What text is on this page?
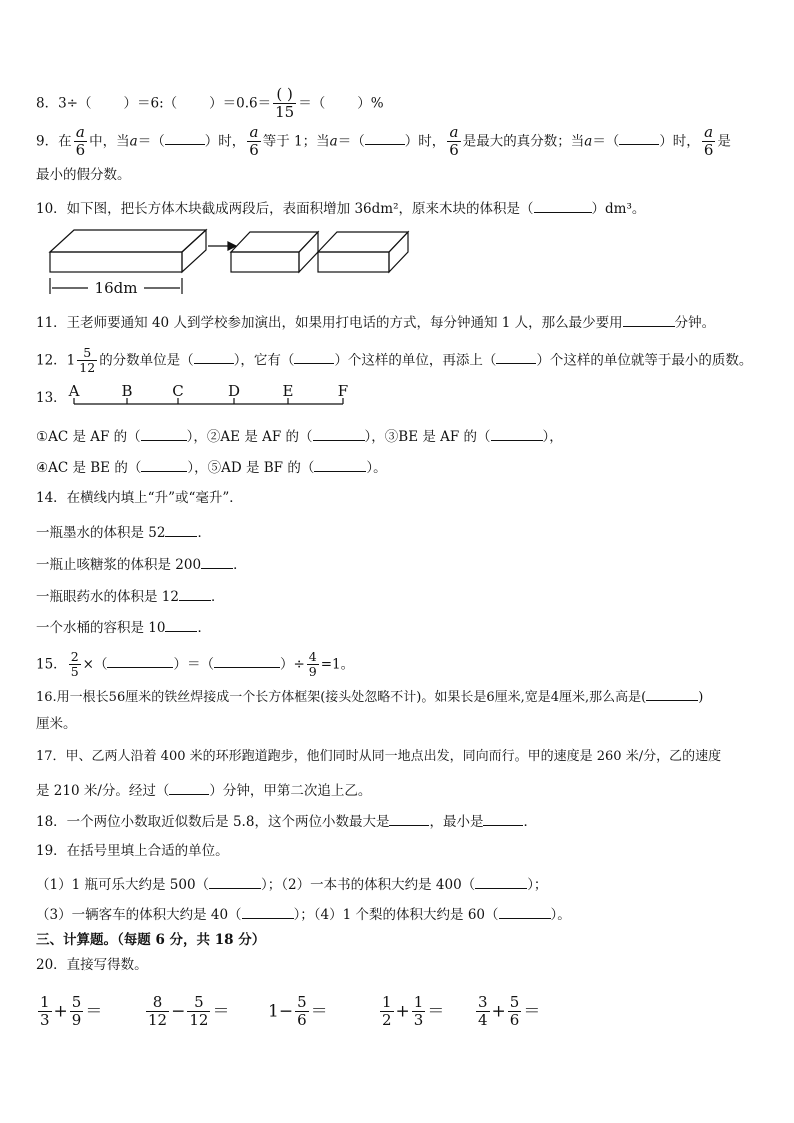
8．3÷（ ）＝6:（ ）$=0.6= \frac{( )}{15}$ ＝（ ）%
9．在 $\frac{a}{6}$ 中，当a＝（	）时， $\frac{a}{6}$ 等于 1；当a＝（	）时， $\frac{a}{6}$ 是最大的真分数；当a＝（	）时， $\frac{a}{6}$ 是
最小的假分数。
10．如下图，把长方体木块截成两段后，表面积增加 36dm²，原来木块的体积是（	）dm³。
16dm
11．王老师要通知 40 人到学校参加演出，如果用打电话的方式，每分钟通知 1 人，那么最少要用	分钟。
12．$1 \frac{5}{12}$ 的分数单位是（	），它有（	）个这样的单位，再添上（	）个这样的单位就等于最小的质数。
13． A	B	C	D	E	F
①AC 是 AF 的（	），②AE 是 AF 的（	），③BE 是 AF 的（	），
④AC 是 BE 的（	），⑤AD 是 BF 的（	）。
14．在横线内填上“升”或“毫升”．
一瓶墨水的体积是 52 ．
一瓶止咳糖浆的体积是 200 ．
一瓶眼药水的体积是 12 ．
一个水桶的容积是 10 ．
15． $\frac{2}{5}$ ×（	）＝（	）÷ $\frac{4}{9} =1$。
16.用一根长56厘米的铁丝焊接成一个长方体框架(接头处忽略不计)。如果长是6厘米,宽是4厘米,那么高是(	)
厘米。
17．甲、乙两人沿着 400 米的环形跑道跑步，他们同时从同一地点出发，同向而行。甲的速度是 260 米/分，乙的速度
是 210 米/分。经过（	）分钟，甲第二次追上乙。
18．一个两位小数取近似数后是 5.8，这个两位小数最大是	，最小是	．
19．在括号里填上合适的单位。
（1）1 瓶可乐大约是 500（	）；（2）一本书的体积大约是 400（	）；
（3）一辆客车的体积大约是 40（	）；（4）1 个梨的体积大约是 60（	）。
三、计算题。（每题 6 分，共 18 分）
20．直接写得数。
$\frac{1}{3} + \frac{5}{9}$ ＝	$\frac{8}{12} - \frac{5}{12} = 1- \frac{5}{6}$ ＝	$\frac{1}{2} + \frac{1}{3} = \frac{3}{4} + \frac{5}{6}$ ＝
